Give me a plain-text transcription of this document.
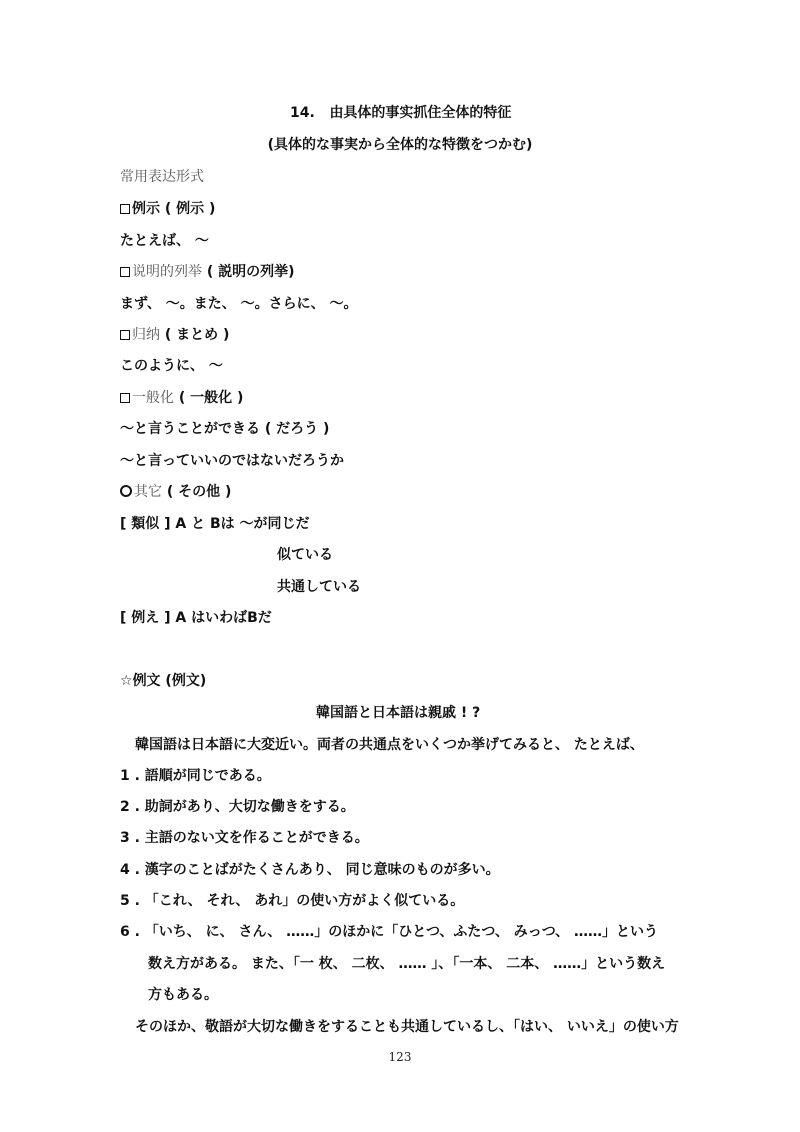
14. 由具体的事实抓住全体的特征
(具体的な事実から全体的な特徴をつかむ)
常用表达形式
例示 ( 例示 )
たとえば、 ～
说明的列举 ( 説明の列挙)
まず、 ～。また、 ～。さらに、 ～。
归纳 ( まとめ )
このように、 ～
一般化 ( 一般化 )
～と言うことができる ( だろう )
～と言っていいのではないだろうか
其它 ( その他 )
[ 類似 ] A と Bは ～が同じだ
似ている
共通している
[ 例え ] A はいわばBだ
☆例文 (例文)
韓国語と日本語は親戚 ! ?
韓国語は日本語に大変近い。両者の共通点をいくつか挙げてみると、 たとえば、
1 . 語順が同じである。
2 . 助詞があり、大切な働きをする。
3 . 主語のない文を作ることができる。
4 . 漢字のことばがたくさんあり、 同じ意味のものが多い。
5 . 「これ、 それ、 あれ」の使い方がよく似ている。
6 . 「いち、 に、 さん、 ……」のほかに「ひとつ、ふたつ、 みっつ、 ……」という
数え方がある。 また、「一 枚、 二枚、 …… 」、「一本、 二本、 ……」という数え
方もある。
そのほか、敬語が大切な働きをすることも共通しているし、「はい、 いいえ」の使い方
123
